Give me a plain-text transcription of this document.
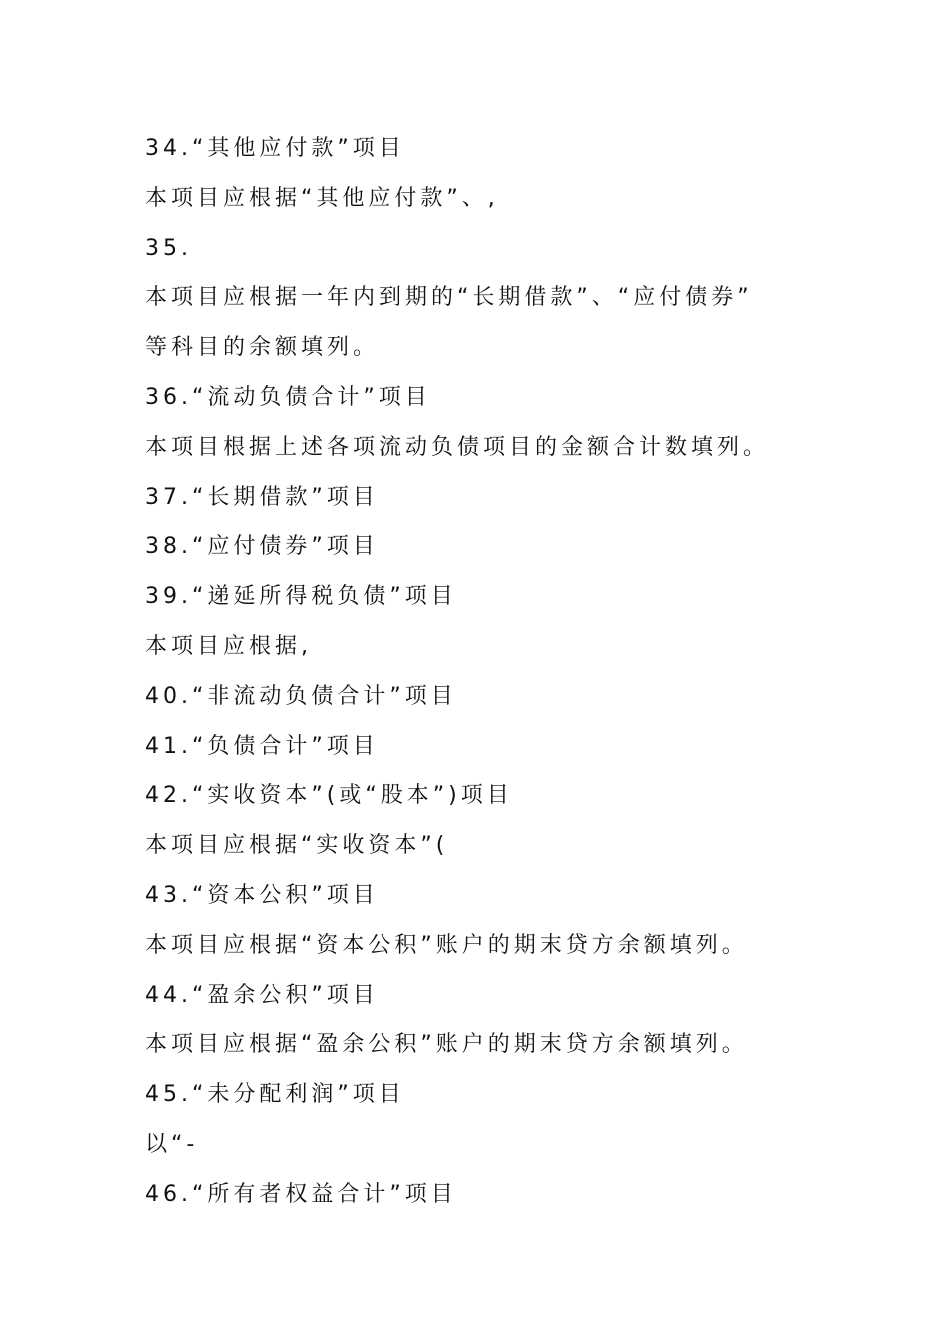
34.“其他应付款”项目
本项目应根据“其他应付款”、,
35.
本项目应根据一年内到期的“长期借款”、“应付债券”
等科目的余额填列。
36.“流动负债合计”项目
本项目根据上述各项流动负债项目的金额合计数填列。
37.“长期借款”项目
38.“应付债券”项目
39.“递延所得税负债”项目
本项目应根据,
40.“非流动负债合计”项目
41.“负债合计”项目
42.“实收资本”(或“股本”)项目
本项目应根据“实收资本”(
43.“资本公积”项目
本项目应根据“资本公积”账户的期末贷方余额填列。
44.“盈余公积”项目
本项目应根据“盈余公积”账户的期末贷方余额填列。
45.“未分配利润”项目
以“-
46.“所有者权益合计”项目
